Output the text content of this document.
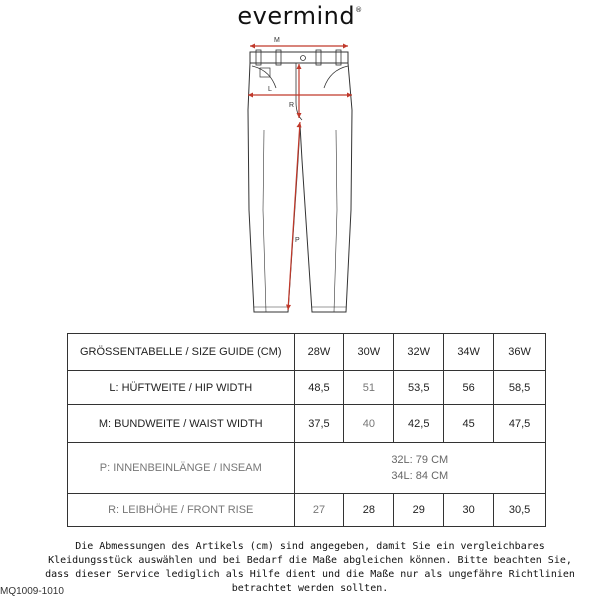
evermind®
M
L
R
P
GRÖSSENTABELLE / SIZE GUIDE (CM)	28W	30W	32W	34W	36W
L: HÜFTWEITE / HIP WIDTH	48,5	51	53,5	56	58,5
M: BUNDWEITE / WAIST WIDTH	37,5	40	42,5	45	47,5
P: INNENBEINLÄNGE / INSEAM	32L: 79 CM
34L: 84 CM				

R: LEIBHÖHE / FRONT RISE	27	28	29	30	30,5
Die Abmessungen des Artikels (cm) sind angegeben, damit Sie ein vergleichbares
Kleidungsstück auswählen und bei Bedarf die Maße abgleichen können. Bitte beachten Sie,
dass dieser Service lediglich als Hilfe dient und die Maße nur als ungefähre Richtlinien
betrachtet werden sollten.
MQ1009-1010
